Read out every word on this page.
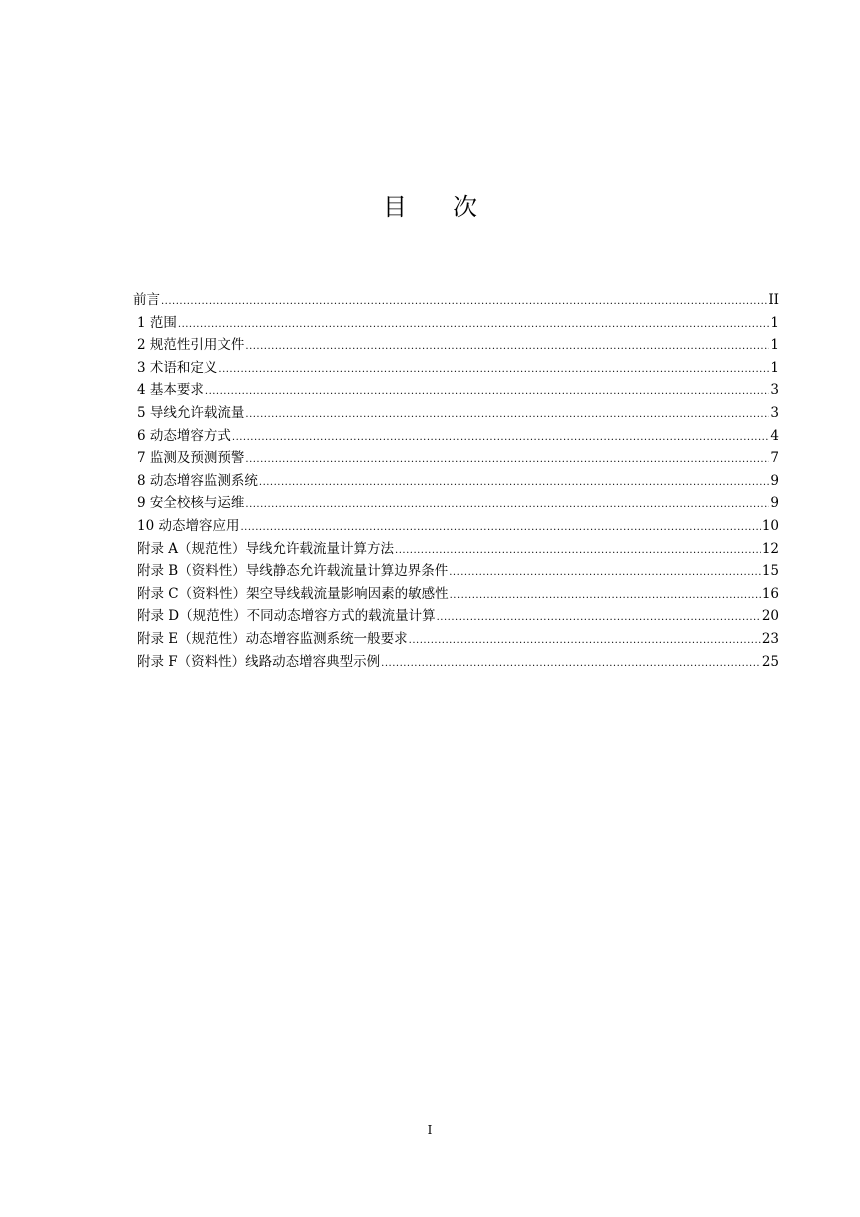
目 次
前言 .....	II
1 范围 .....	1
2 规范性引用文件 .....	1
3 术语和定义 .....	1
4 基本要求 .....	3
5 导线允许载流量 .....	3
6 动态增容方式 .....	4
7 监测及预测预警 .....	7
8 动态增容监测系统 .....	9
9 安全校核与运维 .....	9
10 动态增容应用 .....	10
附录 A（规范性）导线允许载流量计算方法 .....	12
附录 B（资料性）导线静态允许载流量计算边界条件 .....	15
附录 C（资料性）架空导线载流量影响因素的敏感性 .....	16
附录 D（规范性）不同动态增容方式的载流量计算 .....	20
附录 E（规范性）动态增容监测系统一般要求 .....	23
附录 F（资料性）线路动态增容典型示例 .....	25
I
